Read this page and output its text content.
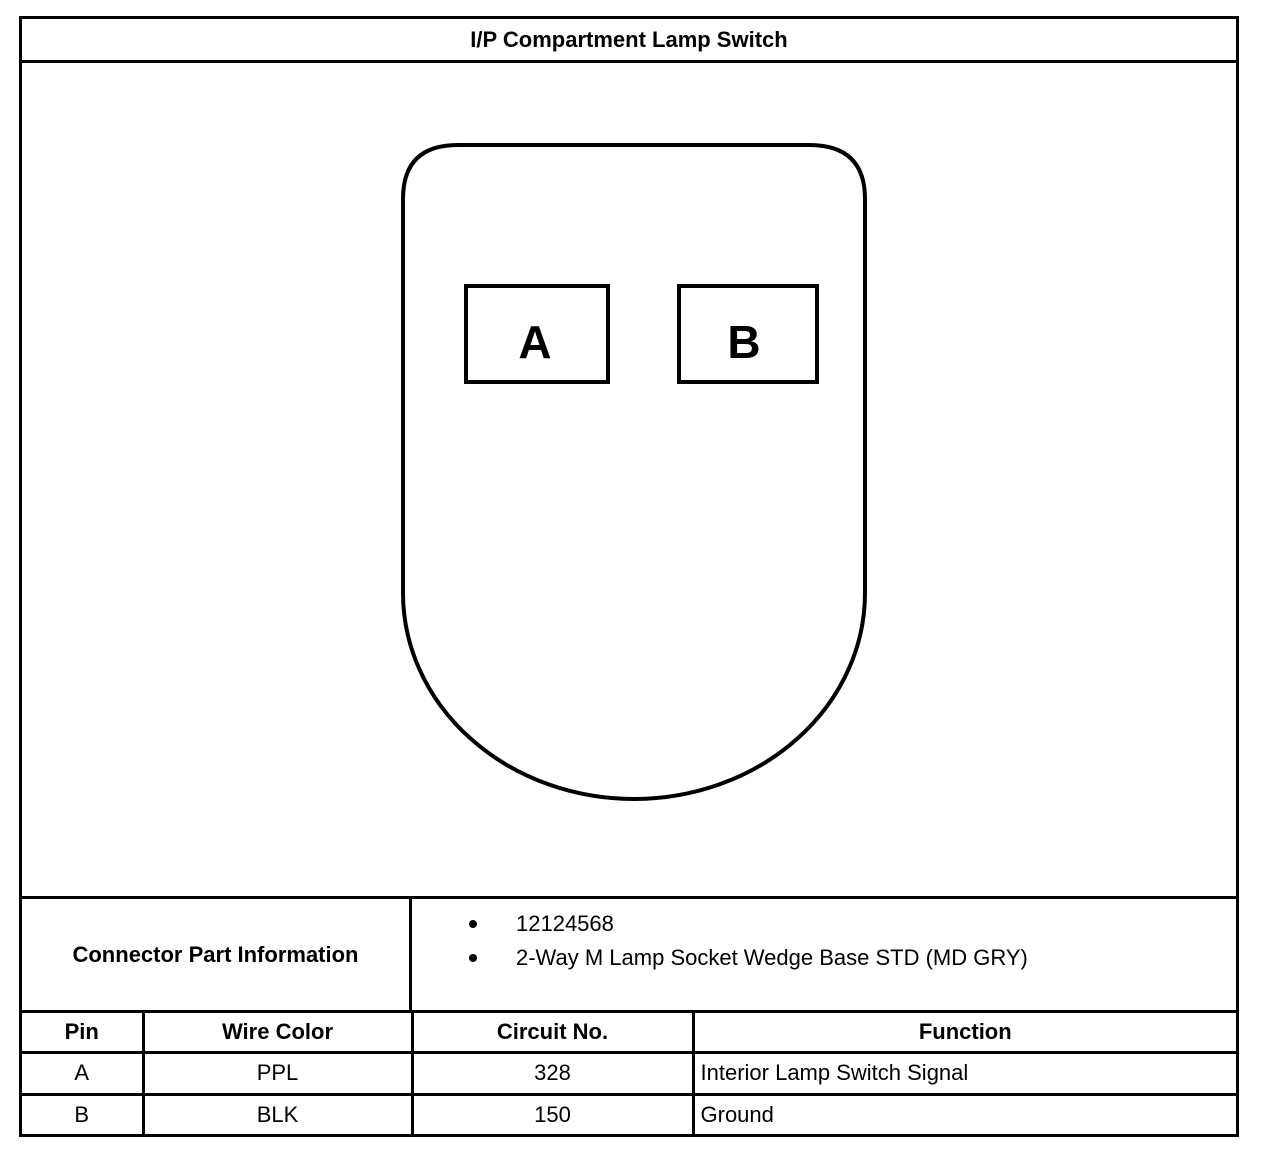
I/P Compartment Lamp Switch
A	B
Connector Part Information
12124568
2-Way M Lamp Socket Wedge Base STD (MD GRY)
Pin	Wire Color	Circuit No.	Function
A	PPL	328	Interior Lamp Switch Signal
B	BLK	150	Ground
